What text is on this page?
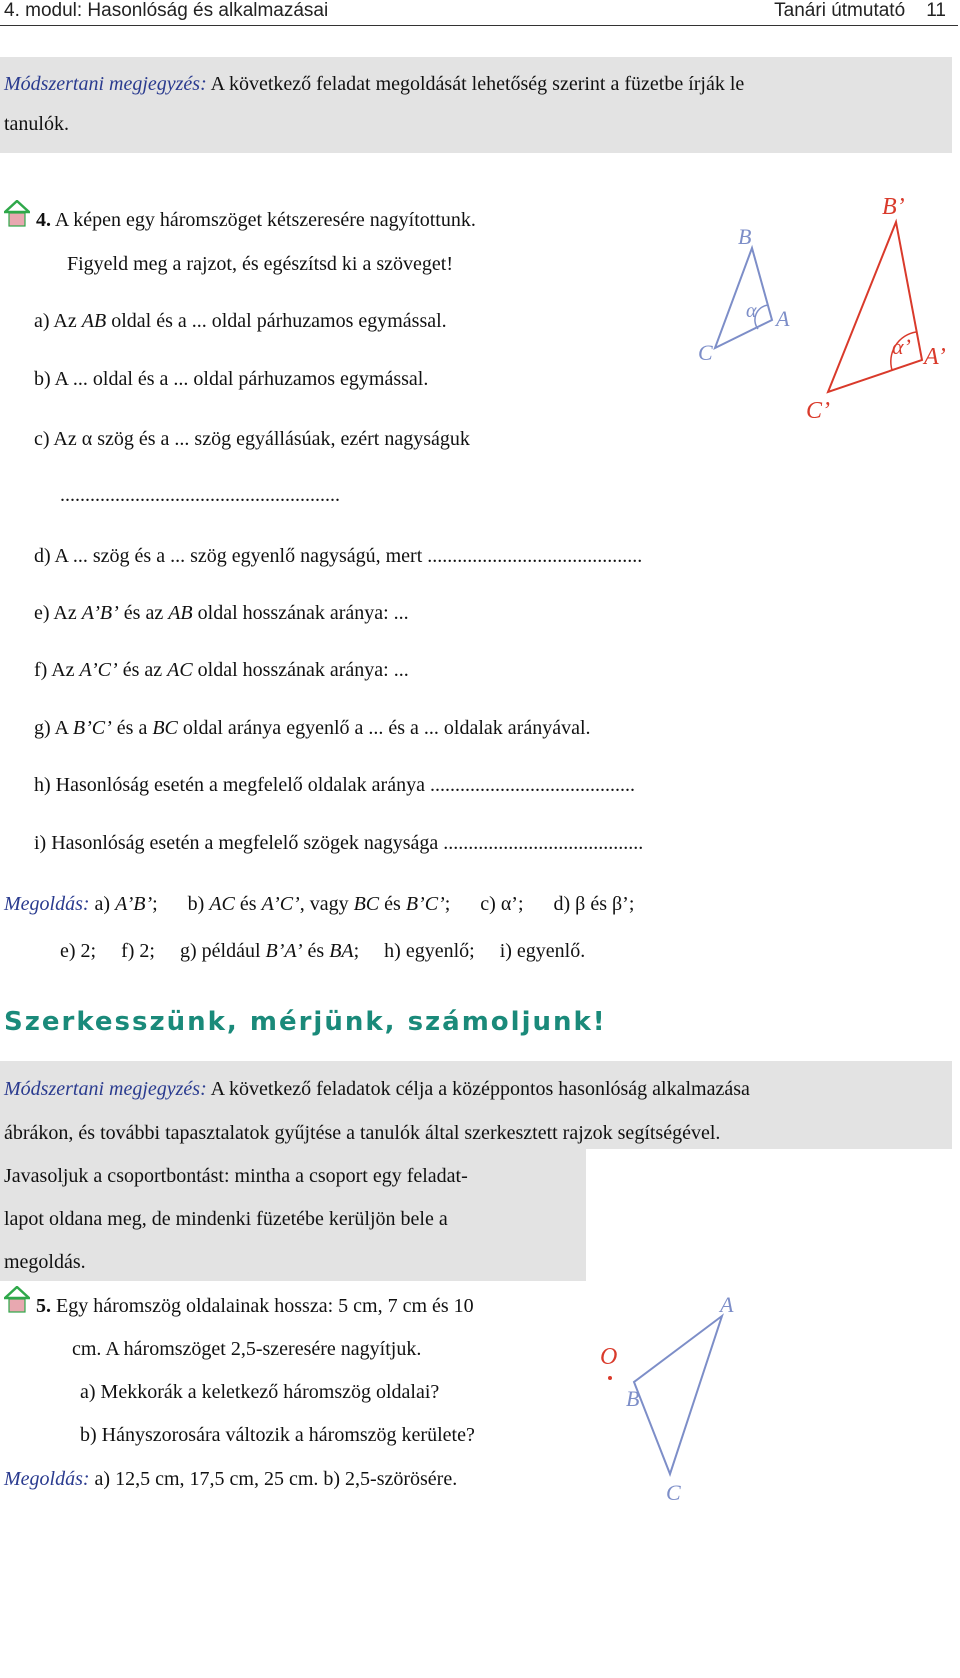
4. modul: Hasonlóság és alkalmazásai	Tanári útmutató 11
Módszertani megjegyzés: A következő feladat megoldását lehetőség szerint a füzetbe írják le
tanulók.
4. A képen egy háromszöget kétszeresére nagyítottunk.
Figyeld meg a rajzot, és egészítsd ki a szöveget!
a) Az AB oldal és a ... oldal párhuzamos egymással.
b) A ... oldal és a ... oldal párhuzamos egymással.
c) Az α szög és a ... szög egyállásúak, ezért nagyságuk
........................................................
d) A ... szög és a ... szög egyenlő nagyságú, mert ...........................................
e) Az A’B’ és az AB oldal hosszának aránya: ...
f) Az A’C’ és az AC oldal hosszának aránya: ...
g) A B’C’ és a BC oldal aránya egyenlő a ... és a ... oldalak arányával.
h) Hasonlóság esetén a megfelelő oldalak aránya .........................................
i) Hasonlóság esetén a megfelelő szögek nagysága ........................................
B
A
C
α
B’
A’
C’
α’
Megoldás: a) A’B’;      b) AC és A’C’, vagy BC és B’C’;      c) α’;      d) β és β’;
e) 2;     f) 2;     g) például B’A’ és BA;     h) egyenlő;     i) egyenlő.
Szerkesszünk, mérjünk, számoljunk!
Módszertani megjegyzés: A következő feladatok célja a középpontos hasonlóság alkalmazása
ábrákon, és további tapasztalatok gyűjtése a tanulók által szerkesztett rajzok segítségével.
Javasoljuk a csoportbontást: mintha a csoport egy feladat-
lapot oldana meg, de mindenki füzetébe kerüljön bele a
megoldás.
5. Egy háromszög oldalainak hossza: 5 cm, 7 cm és 10
cm. A háromszöget 2,5-szeresére nagyítjuk.
a) Mekkorák a keletkező háromszög oldalai?
b) Hányszorosára változik a háromszög kerülete?
O
A
B
C
Megoldás: a) 12,5 cm, 17,5 cm, 25 cm. b) 2,5-szörösére.
